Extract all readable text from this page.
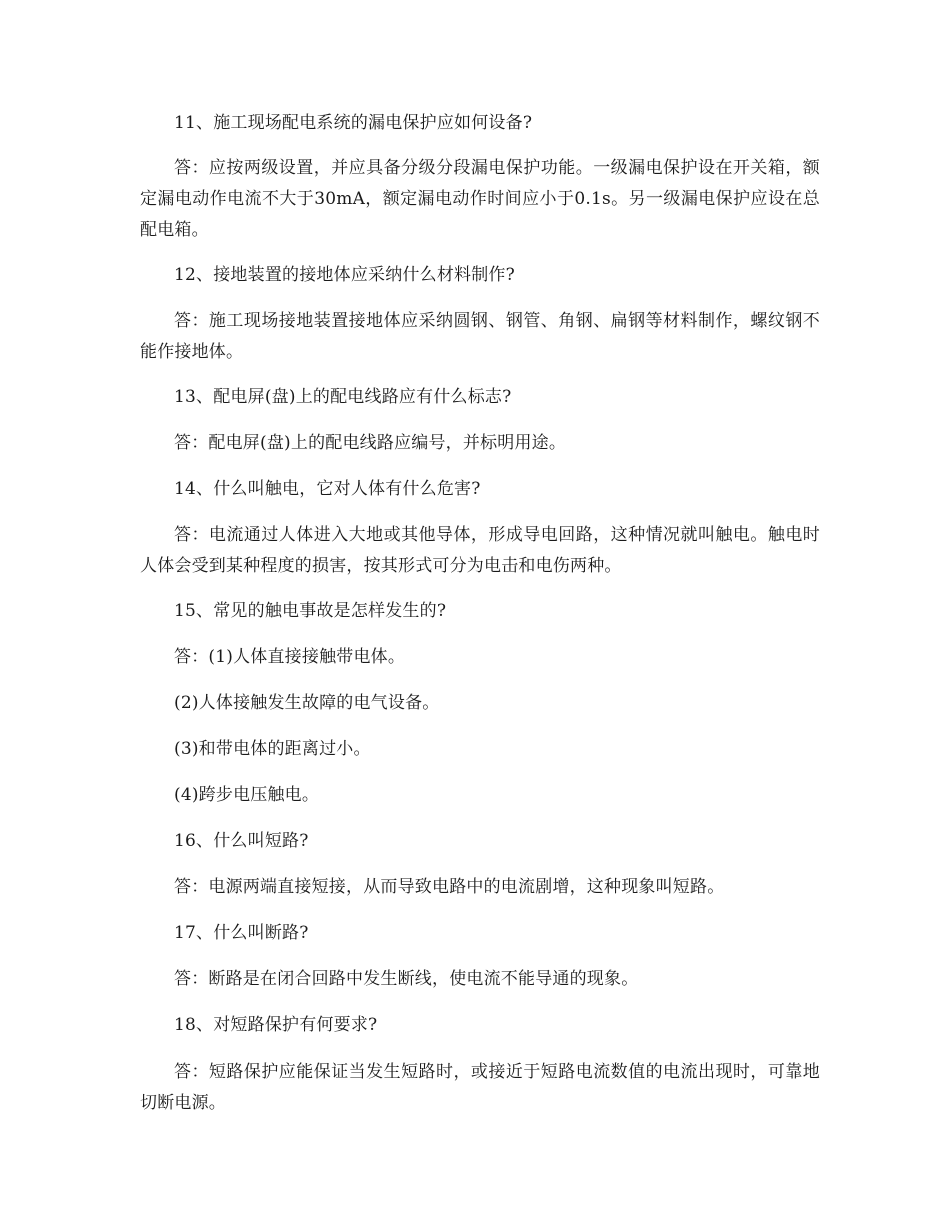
11、施工现场配电系统的漏电保护应如何设备?

答：应按两级设置，并应具备分级分段漏电保护功能。一级漏电保护设在开关箱，额定漏电动作电流不大于30mA，额定漏电动作时间应小于0.1s。另一级漏电保护应设在总配电箱。

12、接地装置的接地体应采纳什么材料制作?

答：施工现场接地装置接地体应采纳圆钢、钢管、角钢、扁钢等材料制作，螺纹钢不能作接地体。

13、配电屏(盘)上的配电线路应有什么标志?

答：配电屏(盘)上的配电线路应编号，并标明用途。

14、什么叫触电，它对人体有什么危害?

答：电流通过人体进入大地或其他导体，形成导电回路，这种情况就叫触电。触电时人体会受到某种程度的损害，按其形式可分为电击和电伤两种。

15、常见的触电事故是怎样发生的?

答：(1)人体直接接触带电体。

(2)人体接触发生故障的电气设备。

(3)和带电体的距离过小。

(4)跨步电压触电。

16、什么叫短路?

答：电源两端直接短接，从而导致电路中的电流剧增，这种现象叫短路。

17、什么叫断路?

答：断路是在闭合回路中发生断线，使电流不能导通的现象。

18、对短路保护有何要求?

答：短路保护应能保证当发生短路时，或接近于短路电流数值的电流出现时，可靠地切断电源。
